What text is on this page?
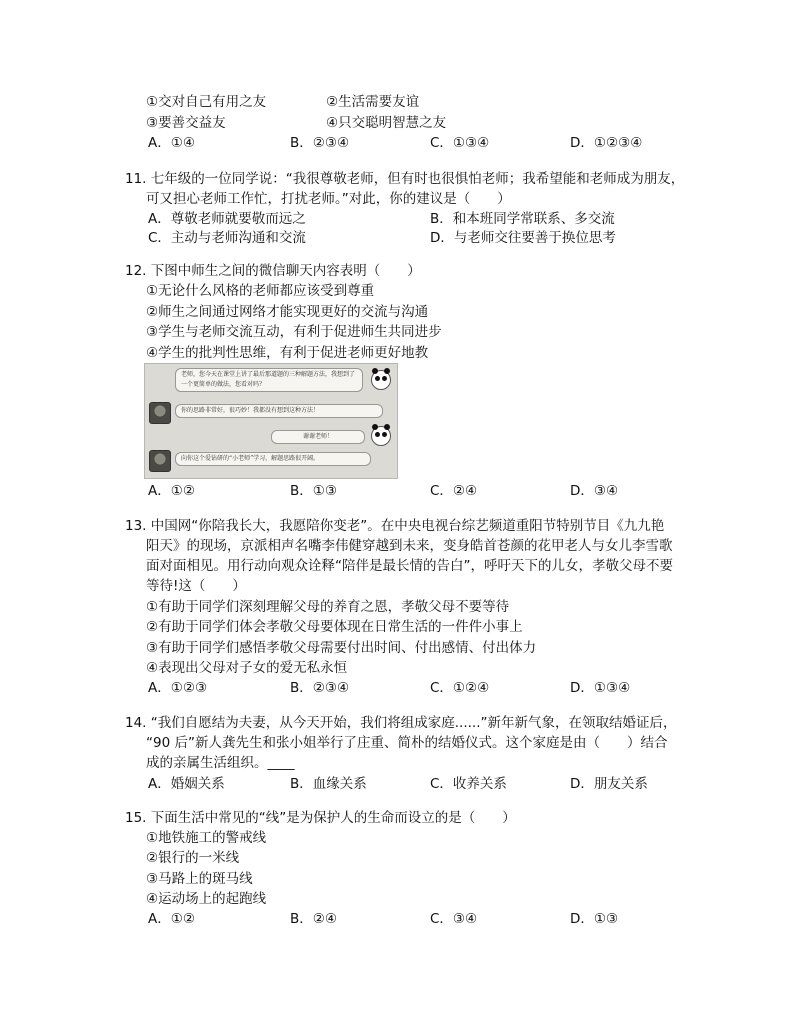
①交对自己有用之友	②生活需要友谊
③要善交益友	④只交聪明智慧之友
A．①④	B．②③④	C．①③④	D．①②③④
11. 七年级的一位同学说：“我很尊敬老师，但有时也很惧怕老师；我希望能和老师成为朋友，
可又担心老师工作忙，打扰老师。”对此，你的建议是（　　）
A．尊敬老师就要敬而远之	B．和本班同学常联系、多交流
C．主动与老师沟通和交流	D．与老师交往要善于换位思考
12. 下图中师生之间的微信聊天内容表明（　　）
①无论什么风格的老师都应该受到尊重
②师生之间通过网络才能实现更好的交流与沟通
③学生与老师交流互动，有利于促进师生共同进步
④学生的批判性思维，有利于促进老师更好地教
老师，您今天在课堂上讲了最后那道题的三种解题方法，我想到了一个更简单的做法，您看对吗？
你的思路非常好，很巧妙！我都没有想到这种方法！
谢谢老师！
向你这个爱钻研的“小老师”学习，解题思路很开阔。
A．①②	B．①③	C．②④	D．③④
13. 中国网“你陪我长大，我愿陪你变老”。在中央电视台综艺频道重阳节特别节目《九九艳
阳天》的现场，京派相声名嘴李伟健穿越到未来，变身皓首苍颜的花甲老人与女儿李雪歌
面对面相见。用行动向观众诠释“陪伴是最长情的告白”，呼吁天下的儿女，孝敬父母不要
等待!这（　　）
①有助于同学们深刻理解父母的养育之恩，孝敬父母不要等待
②有助于同学们体会孝敬父母要体现在日常生活的一件件小事上
③有助于同学们感悟孝敬父母需要付出时间、付出感情、付出体力
④表现出父母对子女的爱无私永恒
A．①②③	B．②③④	C．①②④	D．①③④
14. “我们自愿结为夫妻，从今天开始，我们将组成家庭......”新年新气象，在领取结婚证后，
“90 后”新人龚先生和张小姐举行了庄重、简朴的结婚仪式。这个家庭是由（　　）结合
成的亲属生活组织。____
A．婚姻关系	B．血缘关系	C．收养关系	D．朋友关系
15. 下面生活中常见的“线”是为保护人的生命而设立的是（　　）
①地铁施工的警戒线
②银行的一米线
③马路上的斑马线
④运动场上的起跑线
A．①②	B．②④	C．③④	D．①③
